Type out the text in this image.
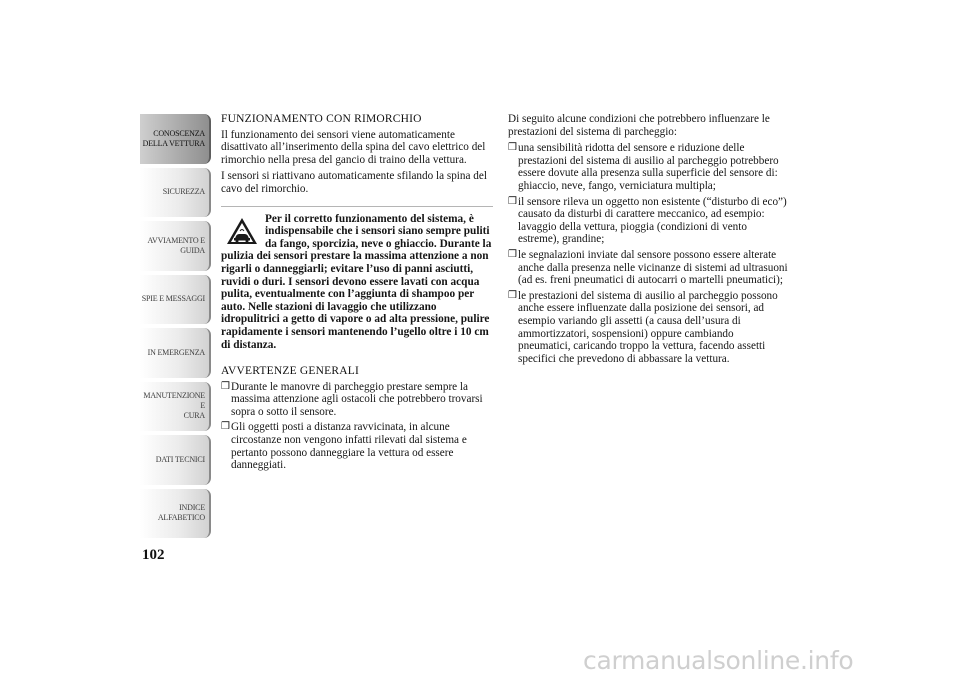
CONOSCENZA
DELLA VETTURA
SICUREZZA
AVVIAMENTO E
GUIDA
SPIE E MESSAGGI
IN EMERGENZA
MANUTENZIONE E
CURA
DATI TECNICI
INDICE
ALFABETICO
102
FUNZIONAMENTO CON RIMORCHIO

Il funzionamento dei sensori viene automaticamente disattivato all’inserimento della spina del cavo elettrico del rimorchio nella presa del gancio di traino della vettura.

I sensori si riattivano automaticamente sfilando la spina del cavo del rimorchio.

Per il corretto funzionamento del sistema, è indispensabile che i sensori siano sempre puliti da fango, sporcizia, neve o ghiaccio. Durante la pulizia dei sensori prestare la massima attenzione a non rigarli o danneggiarli; evitare l’uso di panni asciutti, ruvidi o duri. I sensori devono essere lavati con acqua pulita, eventualmente con l’aggiunta di shampoo per auto. Nelle stazioni di lavaggio che utilizzano idropulitrici a getto di vapore o ad alta pressione, pulire rapidamente i sensori mantenendo l’ugello oltre i 10 cm di distanza.

AVVERTENZE GENERALI
❒ Durante le manovre di parcheggio prestare sempre la massima attenzione agli ostacoli che potrebbero trovarsi sopra o sotto il sensore.
❒ Gli oggetti posti a distanza ravvicinata, in alcune circostanze non vengono infatti rilevati dal sistema e pertanto possono danneggiare la vettura od essere danneggiati.

Di seguito alcune condizioni che potrebbero influenzare le prestazioni del sistema di parcheggio:

❒ una sensibilità ridotta del sensore e riduzione delle prestazioni del sistema di ausilio al parcheggio potrebbero essere dovute alla presenza sulla superficie del sensore di: ghiaccio, neve, fango, verniciatura multipla;
❒ il sensore rileva un oggetto non esistente (“disturbo di eco”) causato da disturbi di carattere meccanico, ad esempio: lavaggio della vettura, pioggia (condizioni di vento estreme), grandine;
❒ le segnalazioni inviate dal sensore possono essere alterate anche dalla presenza nelle vicinanze di sistemi ad ultrasuoni (ad es. freni pneumatici di autocarri o martelli pneumatici);
❒ le prestazioni del sistema di ausilio al parcheggio possono anche essere influenzate dalla posizione dei sensori, ad esempio variando gli assetti (a causa dell’usura di ammortizzatori, sospensioni) oppure cambiando pneumatici, caricando troppo la vettura, facendo assetti specifici che prevedono di abbassare la vettura.
carmanualsonline.info
